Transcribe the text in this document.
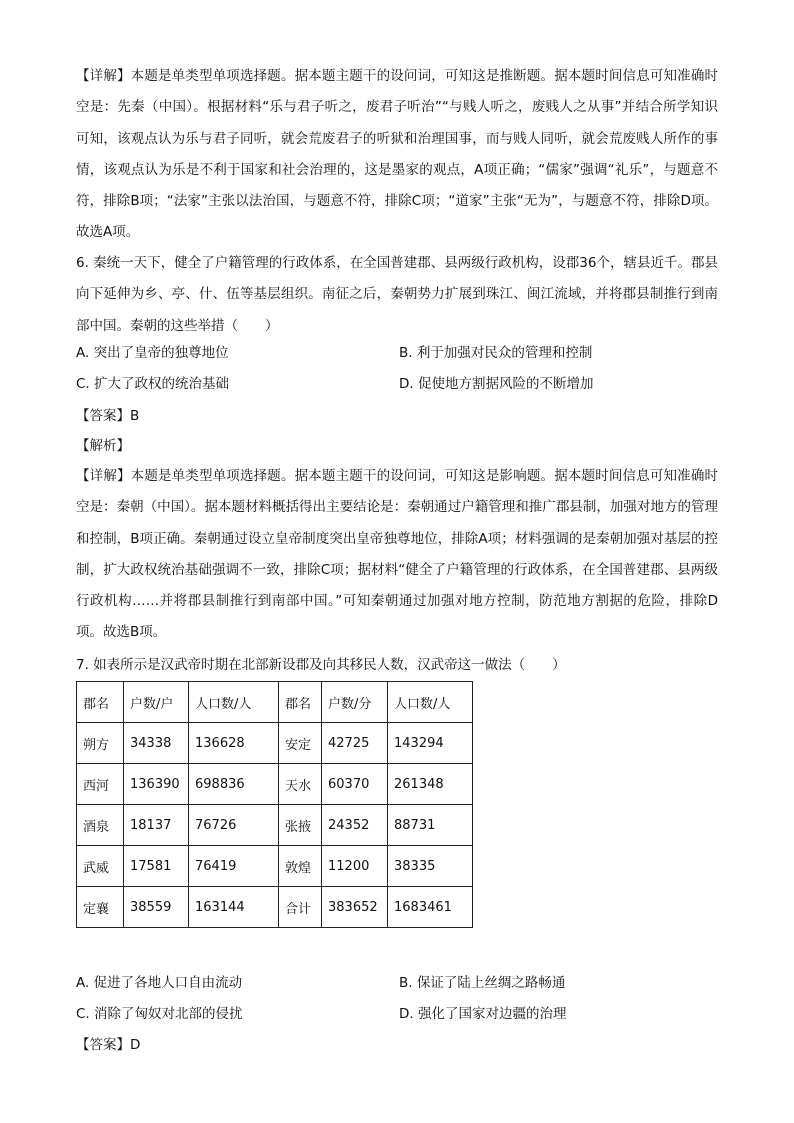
【详解】本题是单类型单项选择题。据本题主题干的设问词，可知这是推断题。据本题时间信息可知准确时空是：先秦（中国）。根据材料“乐与君子听之，废君子听治”“与贱人听之，废贱人之从事”并结合所学知识可知，该观点认为乐与君子同听，就会荒废君子的听狱和治理国事，而与贱人同听，就会荒废贱人所作的事情，该观点认为乐是不利于国家和社会治理的，这是墨家的观点，A项正确；“儒家”强调“礼乐”，与题意不符，排除B项；“法家”主张以法治国，与题意不符，排除C项；“道家”主张“无为”，与题意不符，排除D项。故选A项。

6. 秦统一天下，健全了户籍管理的行政体系，在全国普建郡、县两级行政机构，设郡36个，辖县近千。郡县向下延伸为乡、亭、什、伍等基层组织。南征之后，秦朝势力扩展到珠江、闽江流域，并将郡县制推行到南部中国。秦朝的这些举措（　　）

A. 突出了皇帝的独尊地位	B. 利于加强对民众的管理和控制
C. 扩大了政权的统治基础	D. 促使地方割据风险的不断增加

【答案】B

【解析】

【详解】本题是单类型单项选择题。据本题主题干的设问词，可知这是影响题。据本题时间信息可知准确时空是：秦朝（中国）。据本题材料概括得出主要结论是：秦朝通过户籍管理和推广郡县制，加强对地方的管理和控制，B项正确。秦朝通过设立皇帝制度突出皇帝独尊地位，排除A项；材料强调的是秦朝加强对基层的控制，扩大政权统治基础强调不一致，排除C项；据材料“健全了户籍管理的行政体系，在全国普建郡、县两级行政机构……并将郡县制推行到南部中国。”可知秦朝通过加强对地方控制，防范地方割据的危险，排除D项。故选B项。

7. 如表所示是汉武帝时期在北部新设郡及向其移民人数，汉武帝这一做法（　　）

郡名	户数/户	人口数/人	郡名	户数/分	人口数/人
朔方	34338	136628	安定	42725	143294
西河	136390	698836	天水	60370	261348
酒泉	18137	76726	张掖	24352	88731
武威	17581	76419	敦煌	11200	38335
定襄	38559	163144	合计	383652	1683461
A. 促进了各地人口自由流动	B. 保证了陆上丝绸之路畅通
C. 消除了匈奴对北部的侵扰	D. 强化了国家对边疆的治理

【答案】D
